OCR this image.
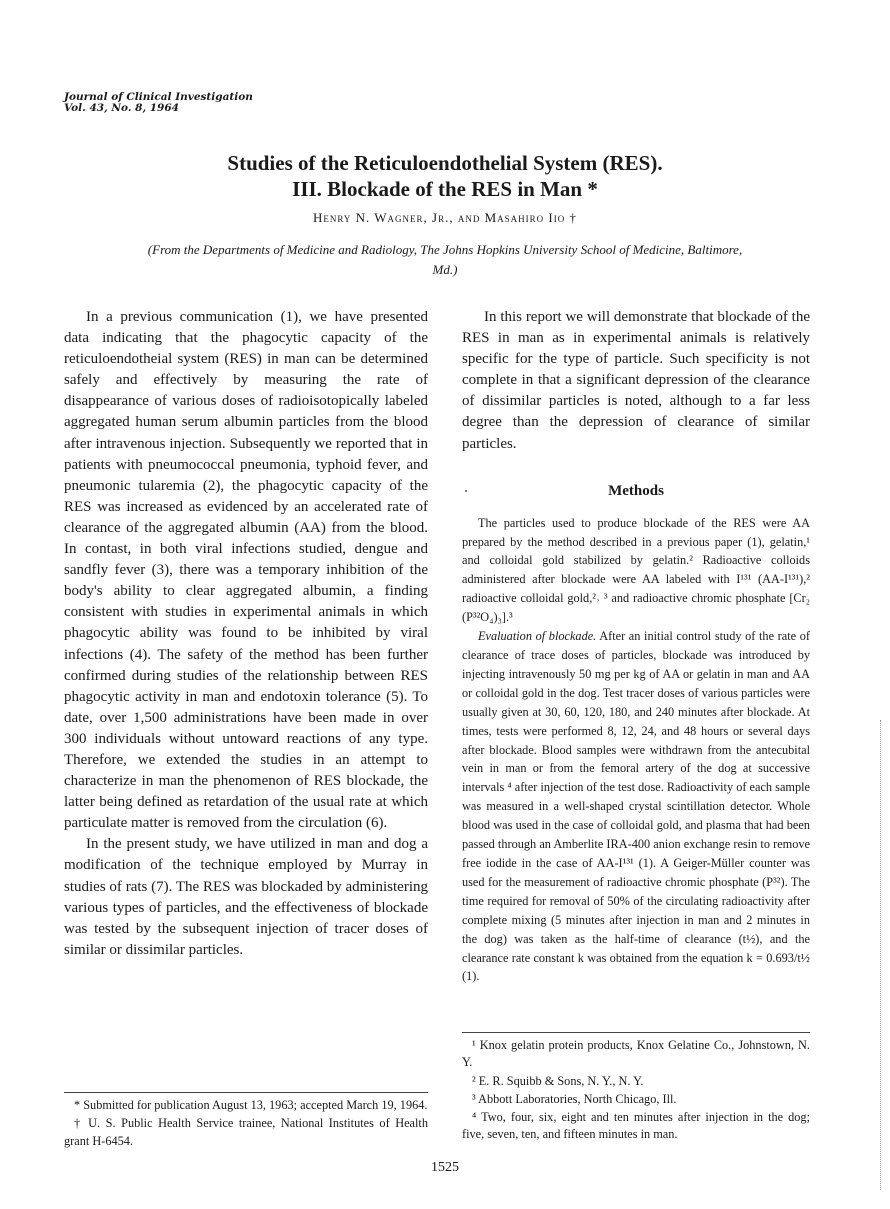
Journal of Clinical Investigation
Vol. 43, No. 8, 1964
Studies of the Reticuloendothelial System (RES).
III. Blockade of the RES in Man *
Henry N. Wagner, Jr., and Masahiro Iio †
(From the Departments of Medicine and Radiology, The Johns Hopkins University School of Medicine, Baltimore, Md.)

In a previous communication (1), we have presented data indicating that the phagocytic capacity of the reticuloendotheial system (RES) in man can be determined safely and effectively by measuring the rate of disappearance of various doses of radioisotopically labeled aggregated human serum albumin particles from the blood after intravenous injection. Subsequently we reported that in patients with pneumococcal pneumonia, typhoid fever, and pneumonic tularemia (2), the phagocytic capacity of the RES was increased as evidenced by an accelerated rate of clearance of the aggregated albumin (AA) from the blood. In contast, in both viral infections studied, dengue and sandfly fever (3), there was a temporary inhibition of the body's ability to clear aggregated albumin, a finding consistent with studies in experimental animals in which phagocytic ability was found to be inhibited by viral infections (4). The safety of the method has been further confirmed during studies of the relationship between RES phagocytic activity in man and endotoxin tolerance (5). To date, over 1,500 administrations have been made in over 300 individuals without untoward reactions of any type. Therefore, we extended the studies in an attempt to characterize in man the phenomenon of RES blockade, the latter being defined as retardation of the usual rate at which particulate matter is removed from the circulation (6).

In the present study, we have utilized in man and dog a modification of the technique employed by Murray in studies of rats (7). The RES was blockaded by administering various types of particles, and the effectiveness of blockade was tested by the subsequent injection of tracer doses of similar or dissimilar particles.

* Submitted for publication August 13, 1963; accepted March 19, 1964.

† U. S. Public Health Service trainee, National Institutes of Health grant H-6454.

In this report we will demonstrate that blockade of the RES in man as in experimental animals is relatively specific for the type of particle. Such specificity is not complete in that a significant depression of the clearance of dissimilar particles is noted, although to a far less degree than the depression of clearance of similar particles.

Methods

The particles used to produce blockade of the RES were AA prepared by the method described in a previous paper (1), gelatin,¹ and colloidal gold stabilized by gelatin.² Radioactive colloids administered after blockade were AA labeled with I¹³¹ (AA-I¹³¹),² radioactive colloidal gold,²˒ ³ and radioactive chromic phosphate [Cr₂ (P³²O₄)₃].³

Evaluation of blockade. After an initial control study of the rate of clearance of trace doses of particles, blockade was introduced by injecting intravenously 50 mg per kg of AA or gelatin in man and AA or colloidal gold in the dog. Test tracer doses of various particles were usually given at 30, 60, 120, 180, and 240 minutes after blockade. At times, tests were performed 8, 12, 24, and 48 hours or several days after blockade. Blood samples were withdrawn from the antecubital vein in man or from the femoral artery of the dog at successive intervals ⁴ after injection of the test dose. Radioactivity of each sample was measured in a well-shaped crystal scintillation detector. Whole blood was used in the case of colloidal gold, and plasma that had been passed through an Amberlite IRA-400 anion exchange resin to remove free iodide in the case of AA-I¹³¹ (1). A Geiger-Müller counter was used for the measurement of radioactive chromic phosphate (P³²). The time required for removal of 50% of the circulating radioactivity after complete mixing (5 minutes after injection in man and 2 minutes in the dog) was taken as the half-time of clearance (t½), and the clearance rate constant k was obtained from the equation k = 0.693/t½ (1).

¹ Knox gelatin protein products, Knox Gelatine Co., Johnstown, N. Y.

² E. R. Squibb & Sons, N. Y., N. Y.

³ Abbott Laboratories, North Chicago, Ill.

⁴ Two, four, six, eight and ten minutes after injection in the dog; five, seven, ten, and fifteen minutes in man.

1525
